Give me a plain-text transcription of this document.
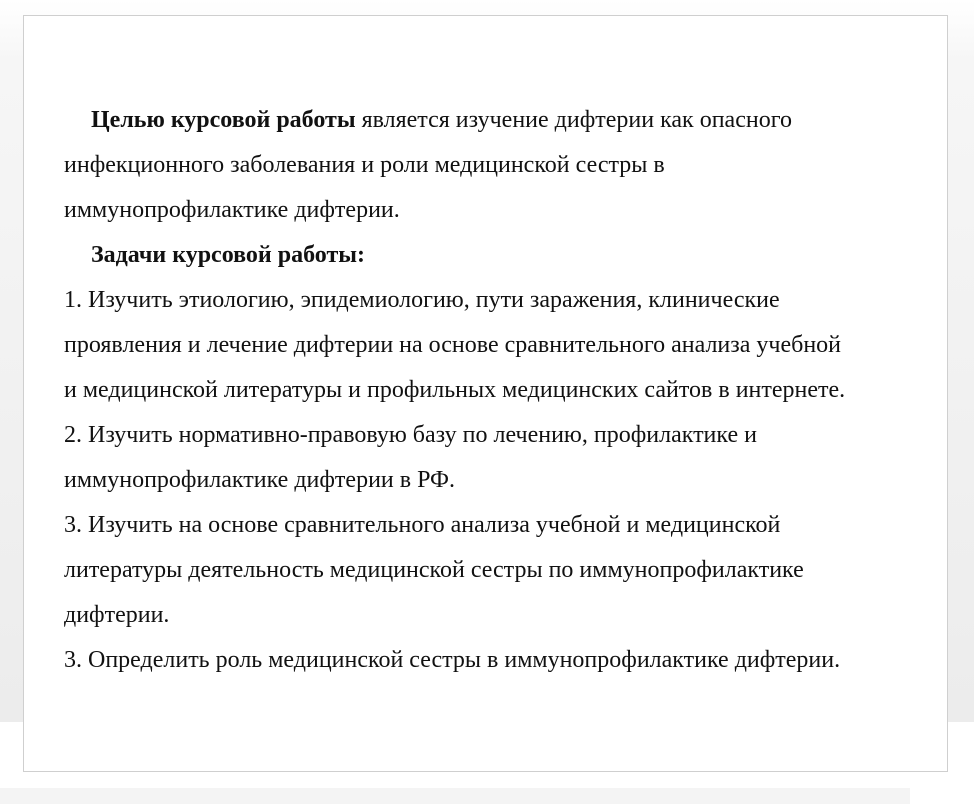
Целью курсовой работы является изучение дифтерии как опасного

инфекционного заболевания и роли медицинской сестры в

иммунопрофилактике дифтерии.

Задачи курсовой работы:

1. Изучить этиологию, эпидемиологию, пути заражения, клинические

проявления и лечение дифтерии на основе сравнительного анализа учебной

и медицинской литературы и профильных медицинских сайтов в интернете.

2. Изучить нормативно-правовую базу по лечению, профилактике и

иммунопрофилактике дифтерии в РФ.

3. Изучить на основе сравнительного анализа учебной и медицинской

литературы деятельность медицинской сестры по иммунопрофилактике

дифтерии.

3. Определить роль медицинской сестры в иммунопрофилактике дифтерии.
